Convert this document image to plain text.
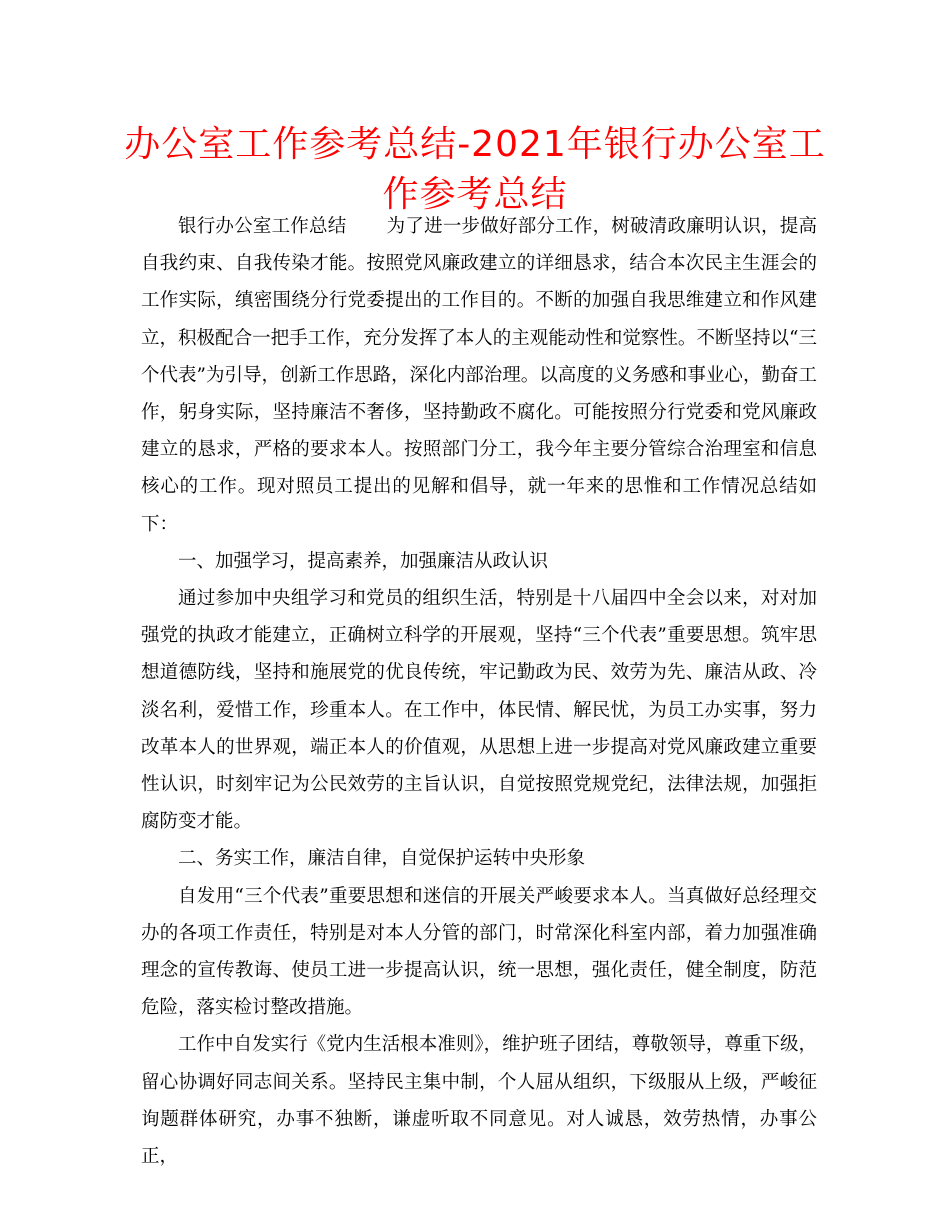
办公室工作参考总结-2021年银行办公室工作参考总结

银行办公室工作总结 为了进一步做好部分工作，树破清政廉明认识，提高自我约束、自我传染才能。按照党风廉政建立的详细恳求，结合本次民主生涯会的工作实际，缜密围绕分行党委提出的工作目的。不断的加强自我思维建立和作风建立，积极配合一把手工作，充分发挥了本人的主观能动性和觉察性。不断坚持以“三个代表”为引导，创新工作思路，深化内部治理。以高度的义务感和事业心，勤奋工作，躬身实际，坚持廉洁不奢侈，坚持勤政不腐化。可能按照分行党委和党风廉政建立的恳求，严格的要求本人。按照部门分工，我今年主要分管综合治理室和信息核心的工作。现对照员工提出的见解和倡导，就一年来的思惟和工作情况总结如下：

一、加强学习，提高素养，加强廉洁从政认识

通过参加中央组学习和党员的组织生活，特别是十八届四中全会以来，对对加强党的执政才能建立，正确树立科学的开展观，坚持“三个代表”重要思想。筑牢思想道德防线，坚持和施展党的优良传统，牢记勤政为民、效劳为先、廉洁从政、冷淡名利，爱惜工作，珍重本人。在工作中，体民情、解民忧，为员工办实事，努力改革本人的世界观，端正本人的价值观，从思想上进一步提高对党风廉政建立重要性认识，时刻牢记为公民效劳的主旨认识，自觉按照党规党纪，法律法规，加强拒腐防变才能。

二、务实工作，廉洁自律，自觉保护运转中央形象

自发用“三个代表”重要思想和迷信的开展关严峻要求本人。当真做好总经理交办的各项工作责任，特别是对本人分管的部门，时常深化科室内部，着力加强准确理念的宣传教诲、使员工进一步提高认识，统一思想，强化责任，健全制度，防范危险，落实检讨整改措施。

工作中自发实行《党内生活根本准则》，维护班子团结，尊敬领导，尊重下级，留心协调好同志间关系。坚持民主集中制，个人屈从组织，下级服从上级，严峻征询题群体研究，办事不独断，谦虚听取不同意见。对人诚恳，效劳热情，办事公正，
